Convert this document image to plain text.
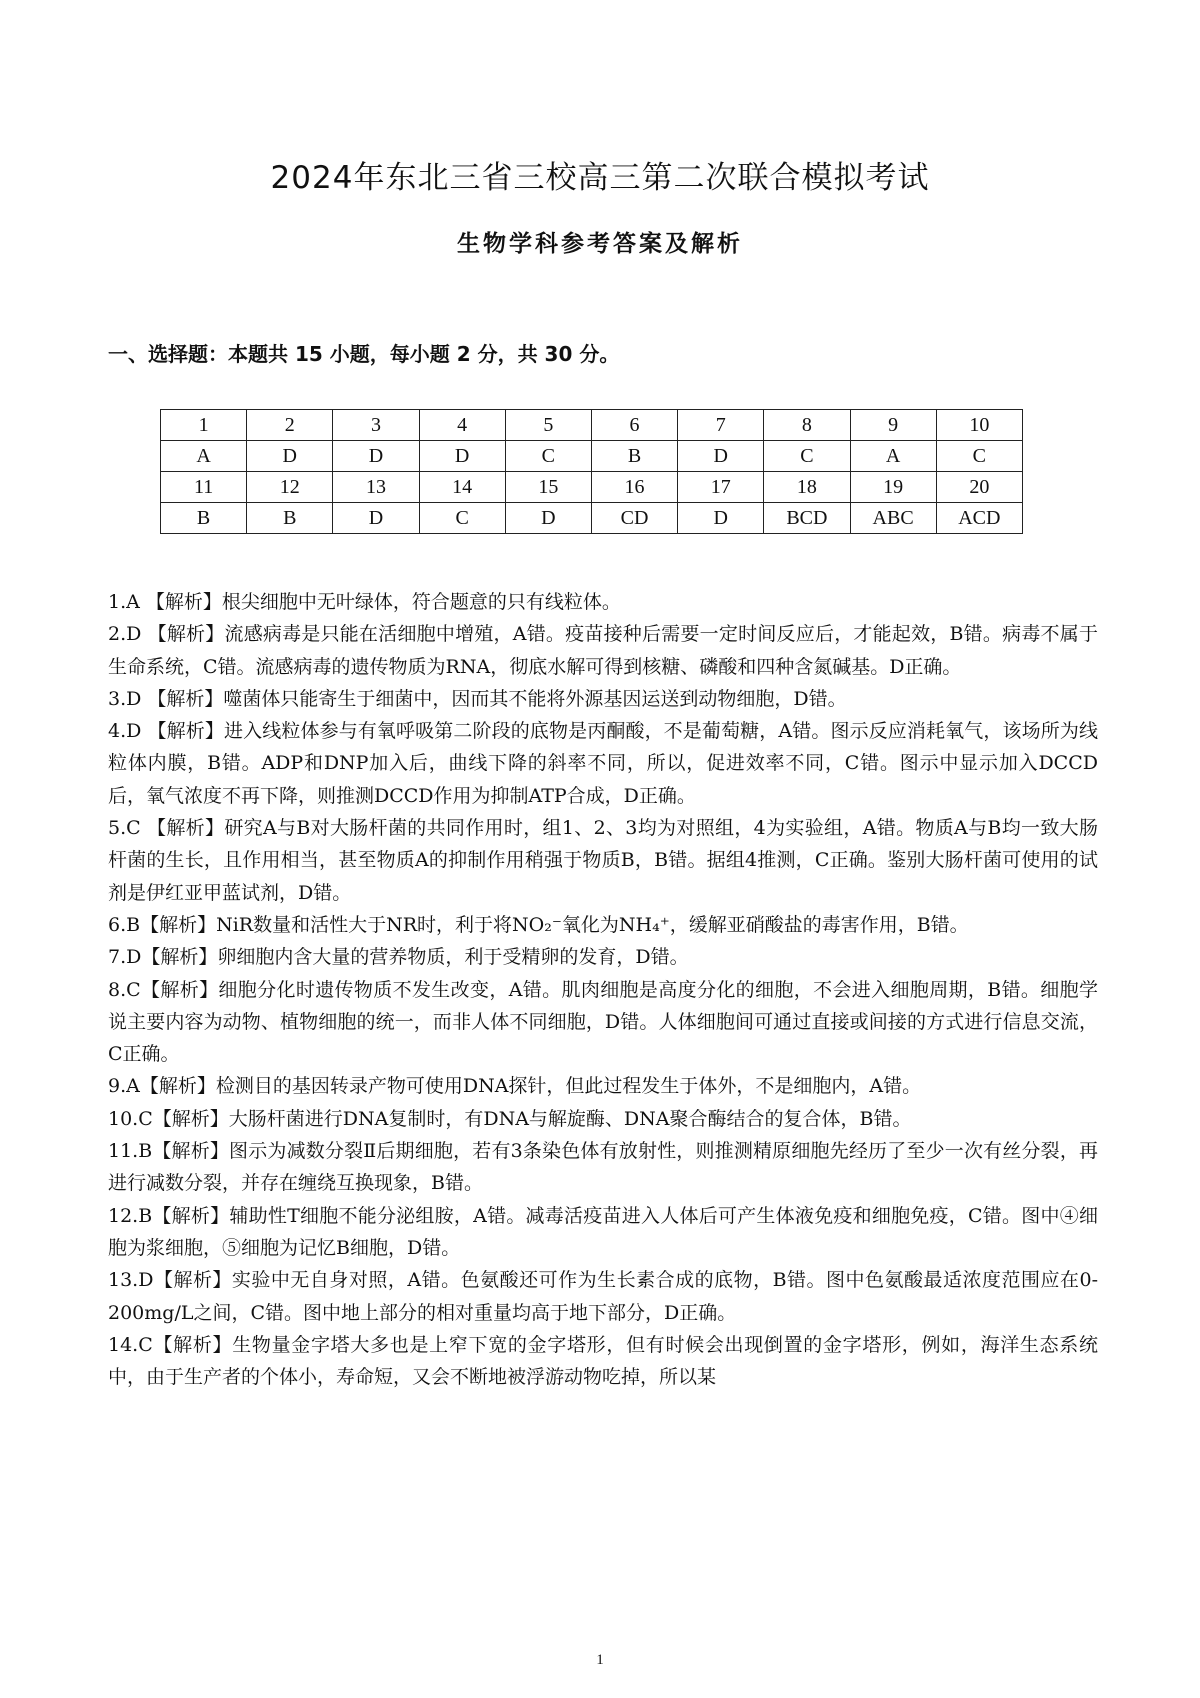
2024年东北三省三校高三第二次联合模拟考试
生物学科参考答案及解析
一、选择题：本题共 15 小题，每小题 2 分，共 30 分。
1	2	3	4	5	6	7	8	9	10
A	D	D	D	C	B	D	C	A	C
11	12	13	14	15	16	17	18	19	20
B	B	D	C	D	CD	D	BCD	ABC	ACD

1.A 【解析】根尖细胞中无叶绿体，符合题意的只有线粒体。

2.D 【解析】流感病毒是只能在活细胞中增殖，A错。疫苗接种后需要一定时间反应后，才能起效，B错。病毒不属于生命系统，C错。流感病毒的遗传物质为RNA，彻底水解可得到核糖、磷酸和四种含氮碱基。D正确。

3.D 【解析】噬菌体只能寄生于细菌中，因而其不能将外源基因运送到动物细胞，D错。

4.D 【解析】进入线粒体参与有氧呼吸第二阶段的底物是丙酮酸，不是葡萄糖，A错。图示反应消耗氧气，该场所为线粒体内膜，B错。ADP和DNP加入后，曲线下降的斜率不同，所以，促进效率不同，C错。图示中显示加入DCCD后，氧气浓度不再下降，则推测DCCD作用为抑制ATP合成，D正确。

5.C 【解析】研究A与B对大肠杆菌的共同作用时，组1、2、3均为对照组，4为实验组，A错。物质A与B均一致大肠杆菌的生长，且作用相当，甚至物质A的抑制作用稍强于物质B，B错。据组4推测，C正确。鉴别大肠杆菌可使用的试剂是伊红亚甲蓝试剂，D错。

6.B【解析】NiR数量和活性大于NR时，利于将NO₂⁻氧化为NH₄⁺，缓解亚硝酸盐的毒害作用，B错。

7.D【解析】卵细胞内含大量的营养物质，利于受精卵的发育，D错。

8.C【解析】细胞分化时遗传物质不发生改变，A错。肌肉细胞是高度分化的细胞，不会进入细胞周期，B错。细胞学说主要内容为动物、植物细胞的统一，而非人体不同细胞，D错。人体细胞间可通过直接或间接的方式进行信息交流，C正确。

9.A【解析】检测目的基因转录产物可使用DNA探针，但此过程发生于体外，不是细胞内，A错。

10.C【解析】大肠杆菌进行DNA复制时，有DNA与解旋酶、DNA聚合酶结合的复合体，B错。

11.B【解析】图示为减数分裂Ⅱ后期细胞，若有3条染色体有放射性，则推测精原细胞先经历了至少一次有丝分裂，再进行减数分裂，并存在缠绕互换现象，B错。

12.B【解析】辅助性T细胞不能分泌组胺，A错。减毒活疫苗进入人体后可产生体液免疫和细胞免疫，C错。图中④细胞为浆细胞，⑤细胞为记忆B细胞，D错。

13.D【解析】实验中无自身对照，A错。色氨酸还可作为生长素合成的底物，B错。图中色氨酸最适浓度范围应在0-200mg/L之间，C错。图中地上部分的相对重量均高于地下部分，D正确。

14.C【解析】生物量金字塔大多也是上窄下宽的金字塔形，但有时候会出现倒置的金字塔形，例如，海洋生态系统中，由于生产者的个体小，寿命短，又会不断地被浮游动物吃掉，所以某

1
